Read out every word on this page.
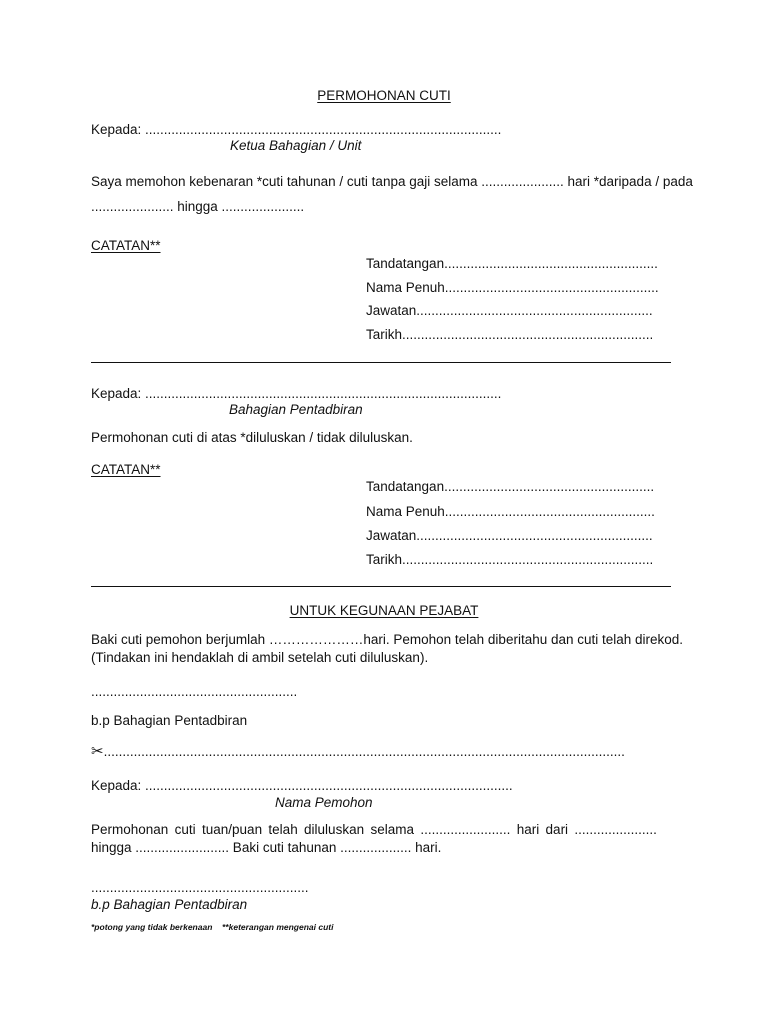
PERMOHONAN CUTI
Kepada: ...............................................................................................
Ketua Bahagian / Unit
Saya memohon kebenaran *cuti tahunan / cuti tanpa gaji selama ...................... hari *daripada / pada
...................... hingga ......................
CATATAN**
Tandatangan.........................................................
Nama Penuh.........................................................
Jawatan...............................................................
Tarikh...................................................................
Kepada: ...............................................................................................
Bahagian Pentadbiran
Permohonan cuti di atas *diluluskan / tidak diluluskan.
CATATAN**
Tandatangan........................................................
Nama Penuh........................................................
Jawatan...............................................................
Tarikh...................................................................
UNTUK KEGUNAAN PEJABAT
Baki cuti pemohon berjumlah …………………hari. Pemohon telah diberitahu dan cuti telah direkod.
(Tindakan ini hendaklah di ambil setelah cuti diluluskan).
.......................................................
b.p Bahagian Pentadbiran
✂...........................................................................................................................................
Kepada: ..................................................................................................
Nama Pemohon
Permohonan cuti tuan/puan telah diluluskan selama ........................ hari dari ......................
hingga ......................... Baki cuti tahunan ................... hari.
..........................................................
b.p Bahagian Pentadbiran
*potong yang tidak berkenaan **keterangan mengenai cuti
